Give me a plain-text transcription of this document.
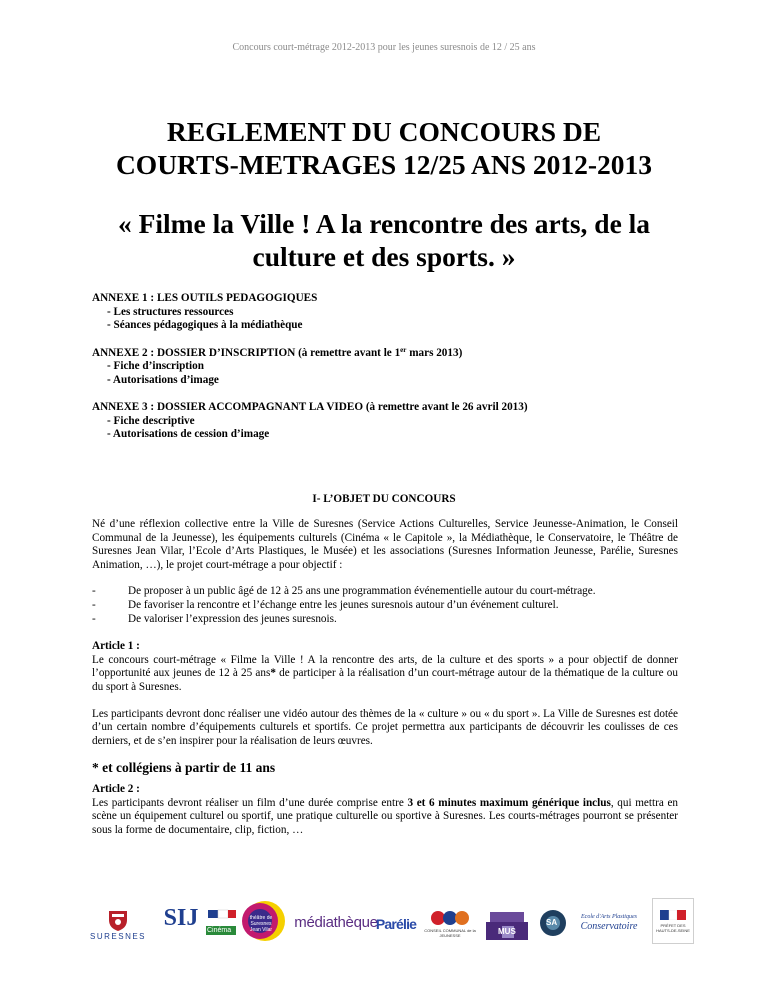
Concours court-métrage 2012-2013 pour les jeunes suresnois de 12 / 25 ans
REGLEMENT DU CONCOURS DE
COURTS-METRAGES 12/25 ANS 2012-2013
« Filme la Ville ! A la rencontre des arts, de la
culture et des sports. »
ANNEXE 1 : LES OUTILS PEDAGOGIQUES
- Les structures ressources
- Séances pédagogiques à la médiathèque
ANNEXE 2 : DOSSIER D’INSCRIPTION (à remettre avant le 1er mars 2013)
- Fiche d’inscription
- Autorisations d’image
ANNEXE 3 : DOSSIER ACCOMPAGNANT LA VIDEO (à remettre avant le 26 avril 2013)
- Fiche descriptive
- Autorisations de cession d’image
I- L’OBJET DU CONCOURS

Né d’une réflexion collective entre la Ville de Suresnes (Service Actions Culturelles, Service Jeunesse-Animation, le Conseil Communal de la Jeunesse), les équipements culturels (Cinéma « le Capitole », la Médiathèque, le Conservatoire, le Théâtre de Suresnes Jean Vilar, l’Ecole d’Arts Plastiques, le Musée) et les associations (Suresnes Information Jeunesse, Parélie, Suresnes Animation, …), le projet court-métrage a pour objectif :

-	De proposer à un public âgé de 12 à 25 ans une programmation événementielle autour du court-métrage.
-	De favoriser la rencontre et l’échange entre les jeunes suresnois autour d’un événement culturel.
-	De valoriser l’expression des jeunes suresnois.

Article 1 :
Le concours court-métrage « Filme la Ville ! A la rencontre des arts, de la culture et des sports » a pour objectif de donner l’opportunité aux jeunes de 12 à 25 ans* de participer à la réalisation d’un court-métrage autour de la thématique de la culture ou du sport à Suresnes.

Les participants devront donc réaliser une vidéo autour des thèmes de la « culture » ou « du sport ». La Ville de Suresnes est dotée d’un certain nombre d’équipements culturels et sportifs. Ce projet permettra aux participants de découvrir les coulisses de ces derniers, et de s’en inspirer pour la réalisation de leurs œuvres.

* et collégiens à partir de 11 ans

Article 2 :
Les participants devront réaliser un film d’une durée comprise entre 3 et 6 minutes maximum générique inclus, qui mettra en scène un équipement culturel ou sportif, une pratique culturelle ou sportive à Suresnes. Les courts-métrages pourront se présenter sous la forme de documentaire, clip, fiction, …

SURESNES
SIJ Cinéma
théâtre de Suresnes Jean Vilar médiathèque
Parélie	CONSEIL COMMUNAL de la JEUNESSE	MUS
SA
Ecole d'Arts Plastiques
Conservatoire	PRÉFET DES HAUTS-DE-SEINE
